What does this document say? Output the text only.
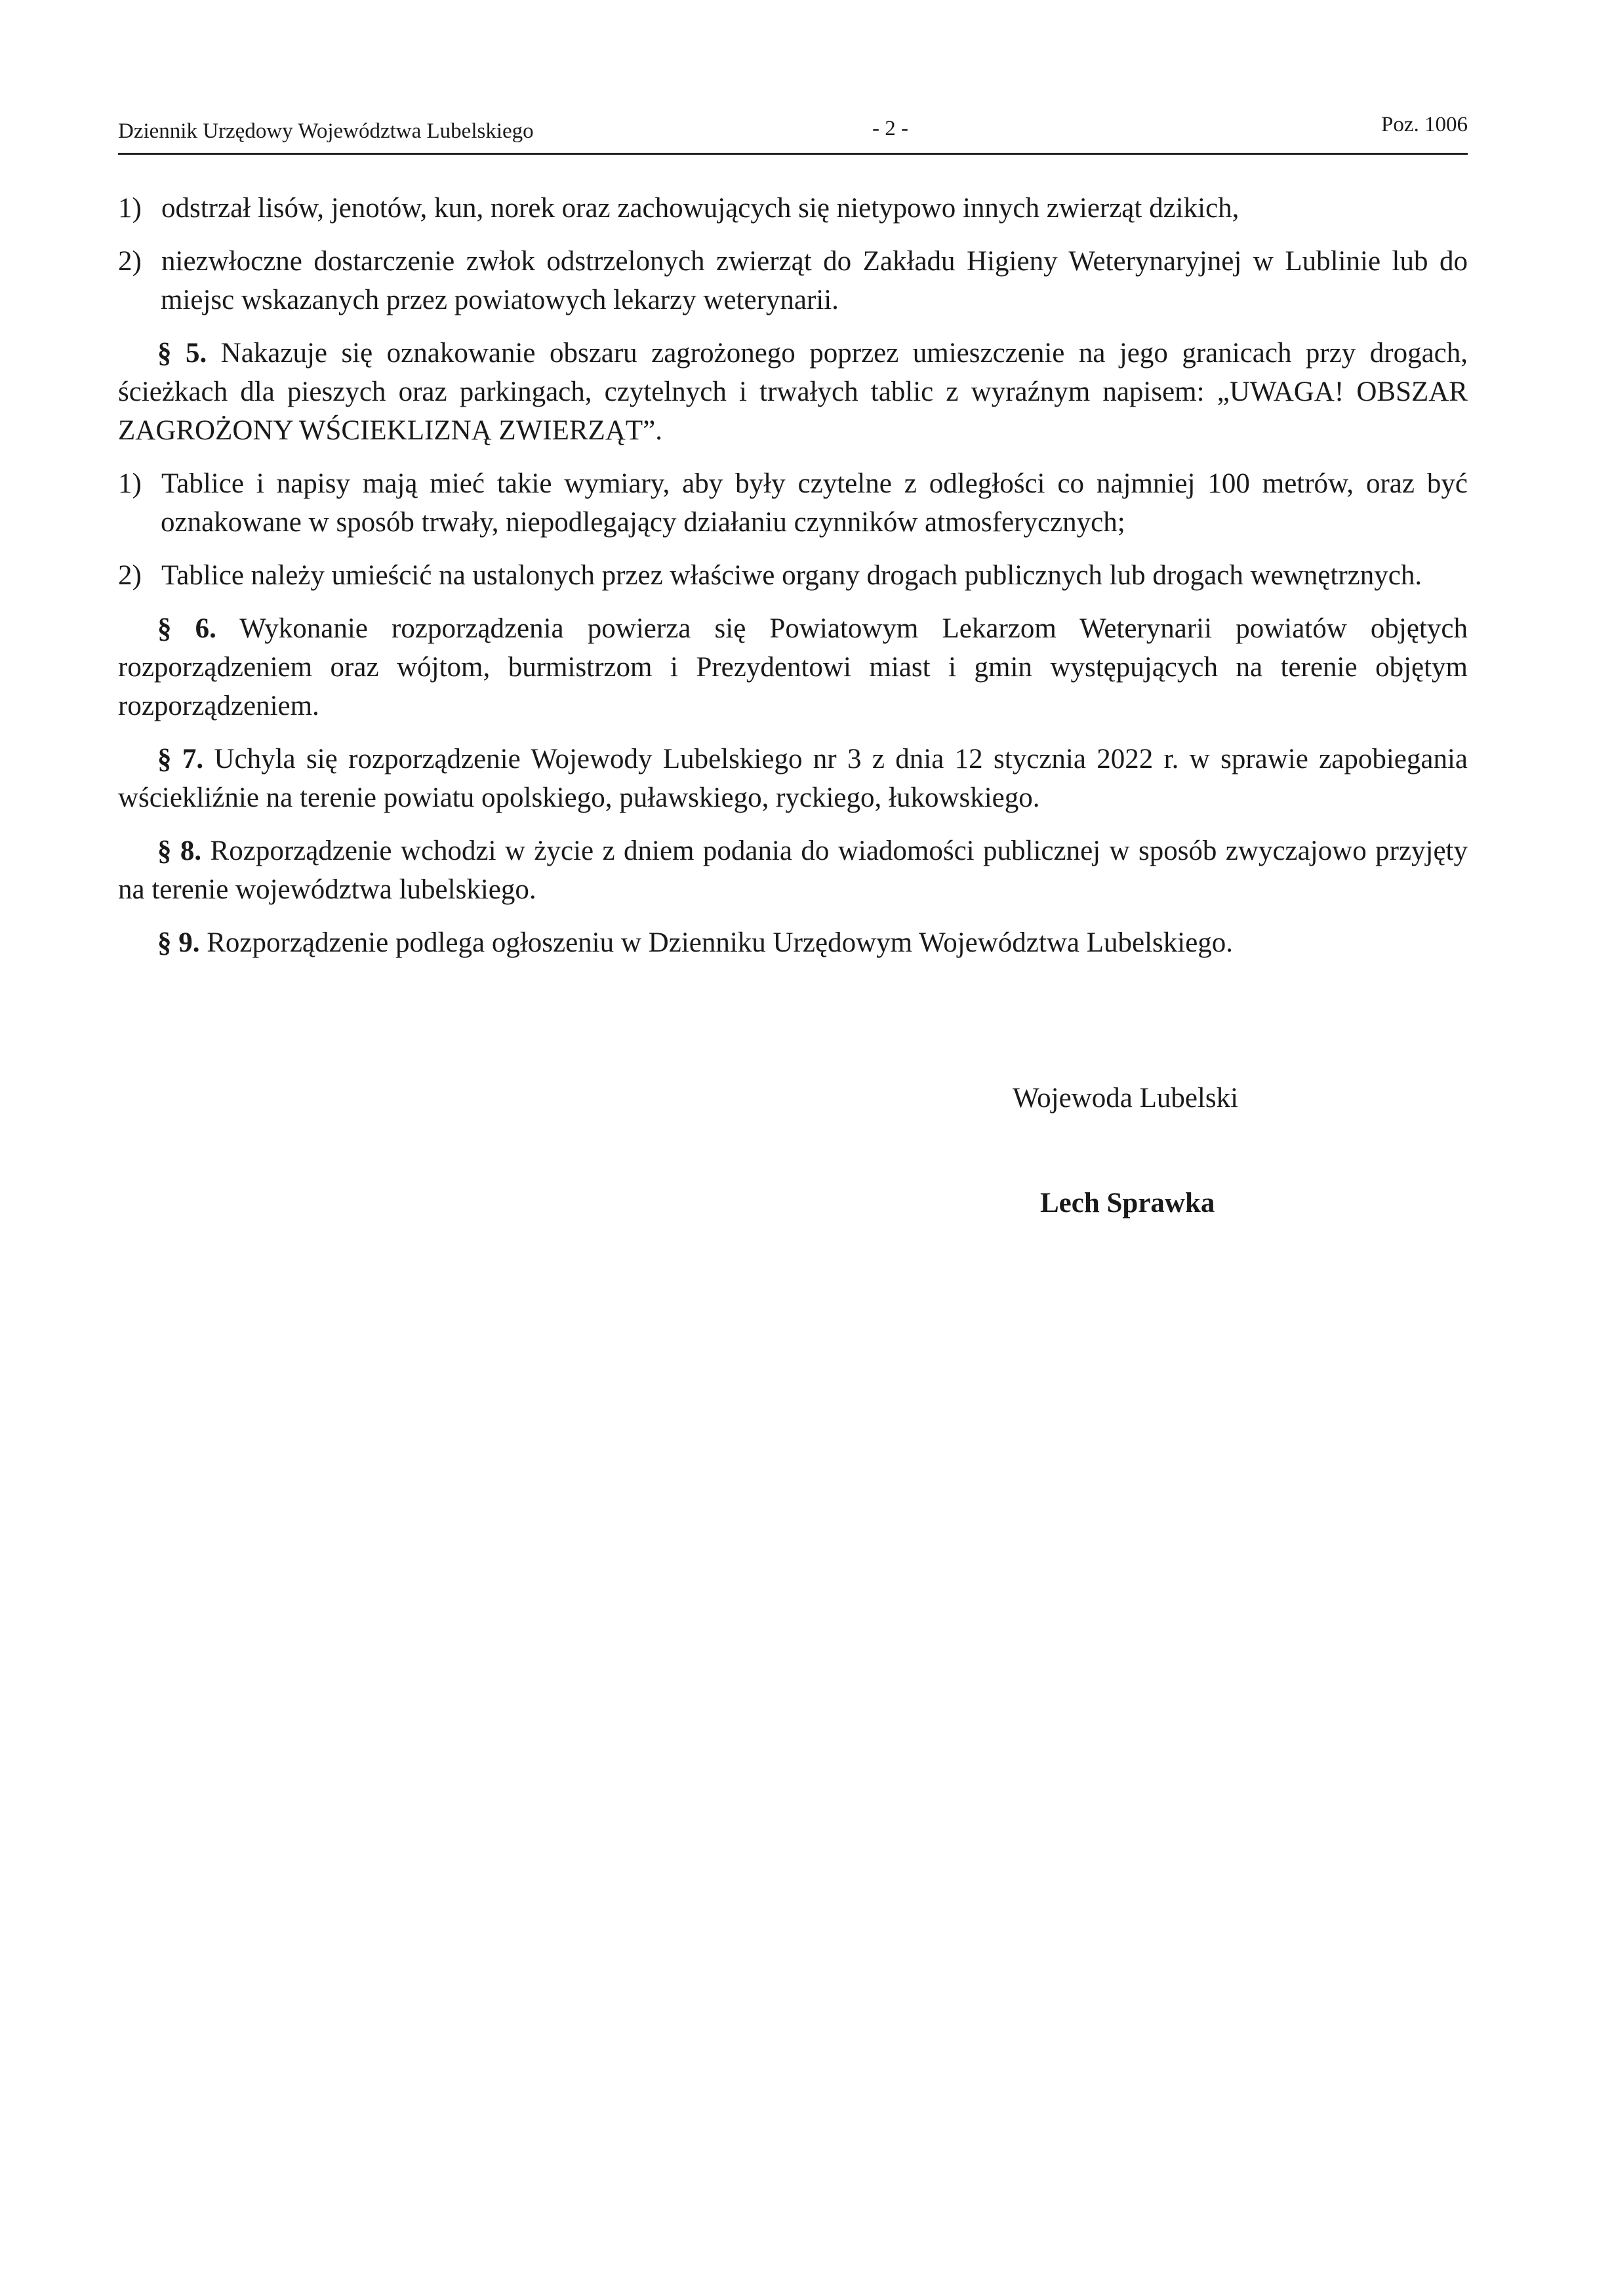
Dziennik Urzędowy Województwa Lubelskiego	- 2 -	Poz. 1006
1) odstrzał lisów, jenotów, kun, norek oraz zachowujących się nietypowo innych zwierząt dzikich,
2) niezwłoczne dostarczenie zwłok odstrzelonych zwierząt do Zakładu Higieny Weterynaryjnej w Lublinie lub do miejsc wskazanych przez powiatowych lekarzy weterynarii.

§ 5. Nakazuje się oznakowanie obszaru zagrożonego poprzez umieszczenie na jego granicach przy drogach, ścieżkach dla pieszych oraz parkingach, czytelnych i trwałych tablic z wyraźnym napisem: „UWAGA! OBSZAR ZAGROŻONY WŚCIEKLIZNĄ ZWIERZĄT”.

1) Tablice i napisy mają mieć takie wymiary, aby były czytelne z odległości co najmniej 100 metrów, oraz być oznakowane w sposób trwały, niepodlegający działaniu czynników atmosferycznych;
2) Tablice należy umieścić na ustalonych przez właściwe organy drogach publicznych lub drogach wewnętrznych.

§ 6. Wykonanie rozporządzenia powierza się Powiatowym Lekarzom Weterynarii powiatów objętych rozporządzeniem oraz wójtom, burmistrzom i Prezydentowi miast i gmin występujących na terenie objętym rozporządzeniem.

§ 7. Uchyla się rozporządzenie Wojewody Lubelskiego nr 3 z dnia 12 stycznia 2022 r. w sprawie zapobiegania wściekliźnie na terenie powiatu opolskiego, puławskiego, ryckiego, łukowskiego.

§ 8. Rozporządzenie wchodzi w życie z dniem podania do wiadomości publicznej w sposób zwyczajowo przyjęty na terenie województwa lubelskiego.

§ 9. Rozporządzenie podlega ogłoszeniu w Dzienniku Urzędowym Województwa Lubelskiego.

Wojewoda Lubelski
Lech Sprawka
